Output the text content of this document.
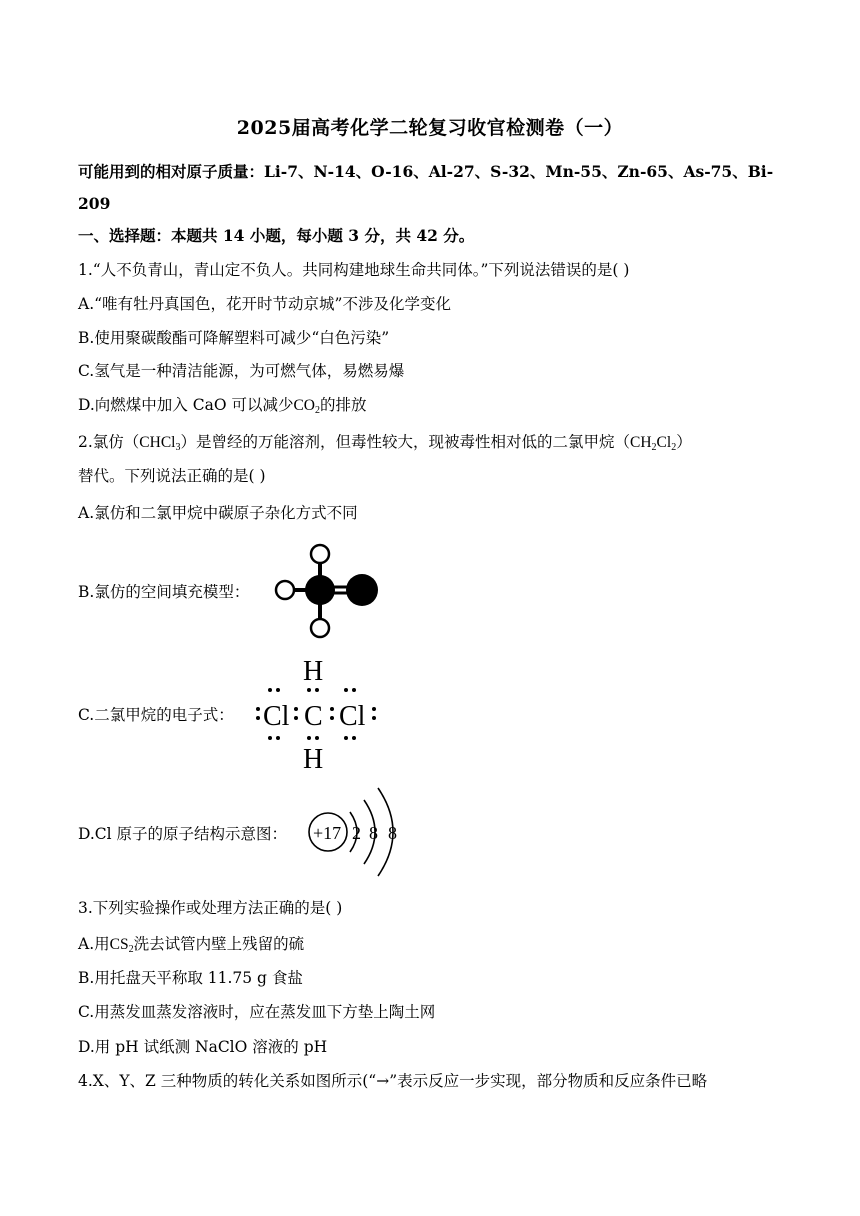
2025届高考化学二轮复习收官检测卷（一）
可能用到的相对原子质量：Li-7、N-14、O-16、Al-27、S-32、Mn-55、Zn-65、As-75、Bi-
209
一、选择题：本题共 14 小题，每小题 3 分，共 42 分。
1.“人不负青山，青山定不负人。共同构建地球生命共同体。”下列说法错误的是( )
A.“唯有牡丹真国色，花开时节动京城”不涉及化学变化
B.使用聚碳酸酯可降解塑料可减少“白色污染”
C.氢气是一种清洁能源，为可燃气体，易燃易爆
D.向燃煤中加入 CaO 可以减少$CO_2$的排放
2.氯仿（CHCl$_3$）是曾经的万能溶剂，但毒性较大，现被毒性相对低的二氯甲烷$(CH_2Cl_2)$
替代。下列说法正确的是( )
A.氯仿和二氯甲烷中碳原子杂化方式不同
B.氯仿的空间填充模型：
C.二氯甲烷的电子式：
H
H
Cl C Cl
D.Cl 原子的原子结构示意图： +17 2 8 8
3.下列实验操作或处理方法正确的是( )
A.用$CS_2$洗去试管内壁上残留的硫
B.用托盘天平称取 11.75 g 食盐
C.用蒸发皿蒸发溶液时，应在蒸发皿下方垫上陶土网
D.用 pH 试纸测 NaClO 溶液的 pH
4.X、Y、Z 三种物质的转化关系如图所示(“→”表示反应一步实现，部分物质和反应条件已略
